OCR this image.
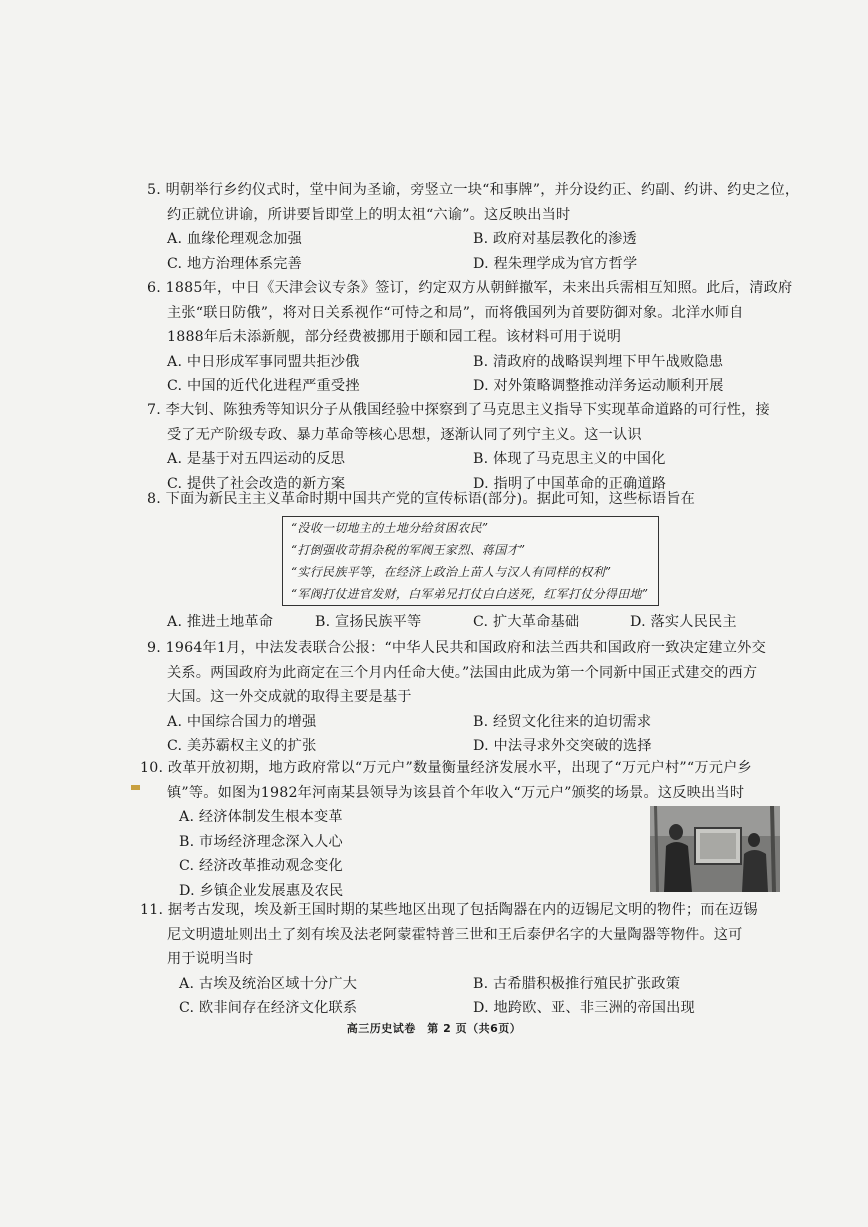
5. 明朝举行乡约仪式时，堂中间为圣谕，旁竖立一块“和事牌”，并分设约正、约副、约讲、约史之位，
约正就位讲谕，所讲要旨即堂上的明太祖“六谕”。这反映出当时
A. 血缘伦理观念加强	B. 政府对基层教化的渗透
C. 地方治理体系完善	D. 程朱理学成为官方哲学
6. 1885年，中日《天津会议专条》签订，约定双方从朝鲜撤军，未来出兵需相互知照。此后，清政府
主张“联日防俄”，将对日关系视作“可恃之和局”，而将俄国列为首要防御对象。北洋水师自
1888年后未添新舰，部分经费被挪用于颐和园工程。该材料可用于说明
A. 中日形成军事同盟共拒沙俄	B. 清政府的战略误判埋下甲午战败隐患
C. 中国的近代化进程严重受挫	D. 对外策略调整推动洋务运动顺利开展
7. 李大钊、陈独秀等知识分子从俄国经验中探察到了马克思主义指导下实现革命道路的可行性，接
受了无产阶级专政、暴力革命等核心思想，逐渐认同了列宁主义。这一认识
A. 是基于对五四运动的反思	B. 体现了马克思主义的中国化
C. 提供了社会改造的新方案	D. 指明了中国革命的正确道路
8. 下面为新民主主义革命时期中国共产党的宣传标语(部分)。据此可知，这些标语旨在
“没收一切地主的土地分给贫困农民”
“打倒强收苛捐杂税的军阀王家烈、蒋国才”
“实行民族平等，在经济上政治上苗人与汉人有同样的权利”
“军阀打仗进官发财，白军弟兄打仗白白送死，红军打仗分得田地”
A. 推进土地革命	B. 宣扬民族平等	C. 扩大革命基础	D. 落实人民民主
9. 1964年1月，中法发表联合公报：“中华人民共和国政府和法兰西共和国政府一致决定建立外交
关系。两国政府为此商定在三个月内任命大使。”法国由此成为第一个同新中国正式建交的西方
大国。这一外交成就的取得主要是基于
A. 中国综合国力的增强	B. 经贸文化往来的迫切需求
C. 美苏霸权主义的扩张	D. 中法寻求外交突破的选择
10. 改革开放初期，地方政府常以“万元户”数量衡量经济发展水平，出现了“万元户村”“万元户乡
镇”等。如图为1982年河南某县领导为该县首个年收入“万元户”颁奖的场景。这反映出当时
A. 经济体制发生根本变革
B. 市场经济理念深入人心
C. 经济改革推动观念变化
D. 乡镇企业发展惠及农民
11. 据考古发现，埃及新王国时期的某些地区出现了包括陶器在内的迈锡尼文明的物件；而在迈锡
尼文明遗址则出土了刻有埃及法老阿蒙霍特普三世和王后泰伊名字的大量陶器等物件。这可
用于说明当时
A. 古埃及统治区域十分广大	B. 古希腊积极推行殖民扩张政策
C. 欧非间存在经济文化联系	D. 地跨欧、亚、非三洲的帝国出现
高三历史试卷　第 2 页（共6页）
